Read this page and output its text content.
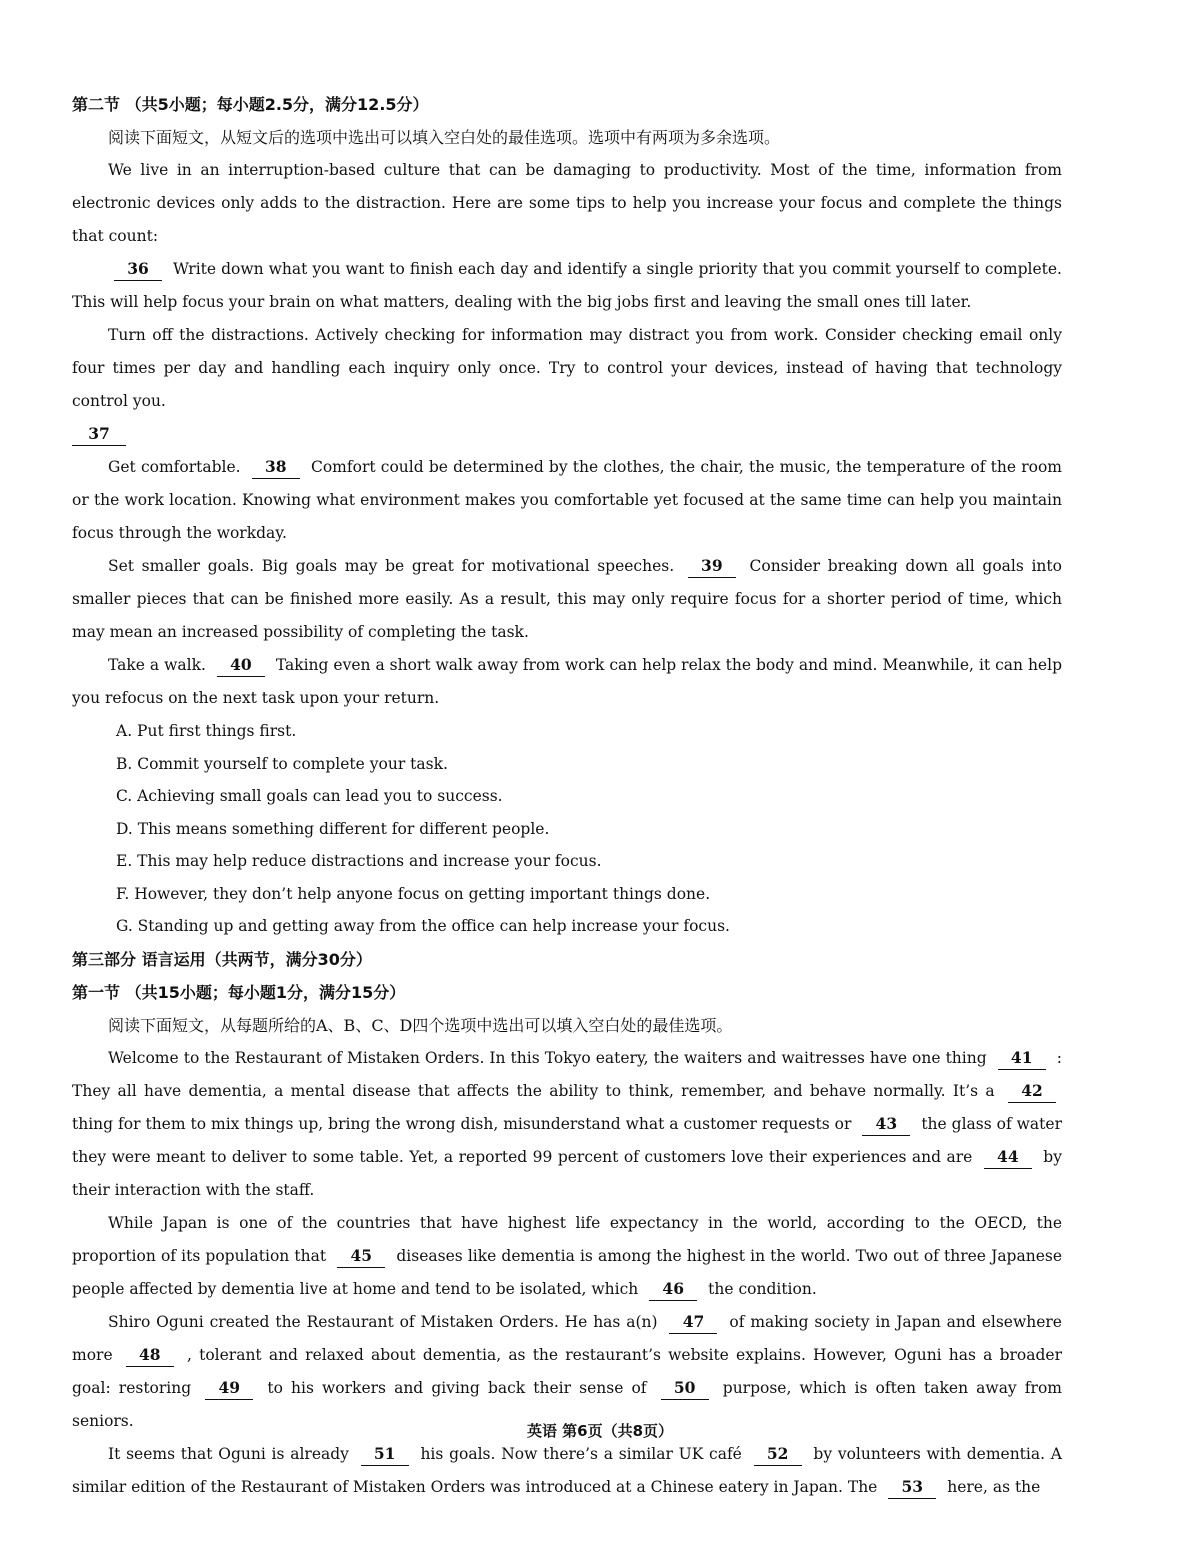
第二节 （共5小题；每小题2.5分，满分12.5分）

阅读下面短文，从短文后的选项中选出可以填入空白处的最佳选项。选项中有两项为多余选项。

We live in an interruption-based culture that can be damaging to productivity. Most of the time, information from electronic devices only adds to the distraction. Here are some tips to help you increase your focus and complete the things that count:

36 Write down what you want to finish each day and identify a single priority that you commit yourself to complete. This will help focus your brain on what matters, dealing with the big jobs first and leaving the small ones till later.

Turn off the distractions. Actively checking for information may distract you from work. Consider checking email only four times per day and handling each inquiry only once. Try to control your devices, instead of having that technology control you.

37

Get comfortable. 38 Comfort could be determined by the clothes, the chair, the music, the temperature of the room or the work location. Knowing what environment makes you comfortable yet focused at the same time can help you maintain focus through the workday.

Set smaller goals. Big goals may be great for motivational speeches. 39 Consider breaking down all goals into smaller pieces that can be finished more easily. As a result, this may only require focus for a shorter period of time, which may mean an increased possibility of completing the task.

Take a walk. 40 Taking even a short walk away from work can help relax the body and mind. Meanwhile, it can help you refocus on the next task upon your return.

A. Put first things first.
B. Commit yourself to complete your task.
C. Achieving small goals can lead you to success.
D. This means something different for different people.
E. This may help reduce distractions and increase your focus.
F. However, they don’t help anyone focus on getting important things done.
G. Standing up and getting away from the office can help increase your focus.

第三部分 语言运用（共两节，满分30分）

第一节 （共15小题；每小题1分，满分15分）

阅读下面短文，从每题所给的A、B、C、D四个选项中选出可以填入空白处的最佳选项。

Welcome to the Restaurant of Mistaken Orders. In this Tokyo eatery, the waiters and waitresses have one thing 41 : They all have dementia, a mental disease that affects the ability to think, remember, and behave normally. It’s a 42 thing for them to mix things up, bring the wrong dish, misunderstand what a customer requests or 43 the glass of water they were meant to deliver to some table. Yet, a reported 99 percent of customers love their experiences and are 44 by their interaction with the staff.

While Japan is one of the countries that have highest life expectancy in the world, according to the OECD, the proportion of its population that 45 diseases like dementia is among the highest in the world. Two out of three Japanese people affected by dementia live at home and tend to be isolated, which 46 the condition.

Shiro Oguni created the Restaurant of Mistaken Orders. He has a(n) 47 of making society in Japan and elsewhere more 48 , tolerant and relaxed about dementia, as the restaurant’s website explains. However, Oguni has a broader goal: restoring 49 to his workers and giving back their sense of 50 purpose, which is often taken away from seniors.

It seems that Oguni is already 51 his goals. Now there’s a similar UK café 52 by volunteers with dementia. A similar edition of the Restaurant of Mistaken Orders was introduced at a Chinese eatery in Japan. The 53 here, as the

英语 第6页（共8页）
